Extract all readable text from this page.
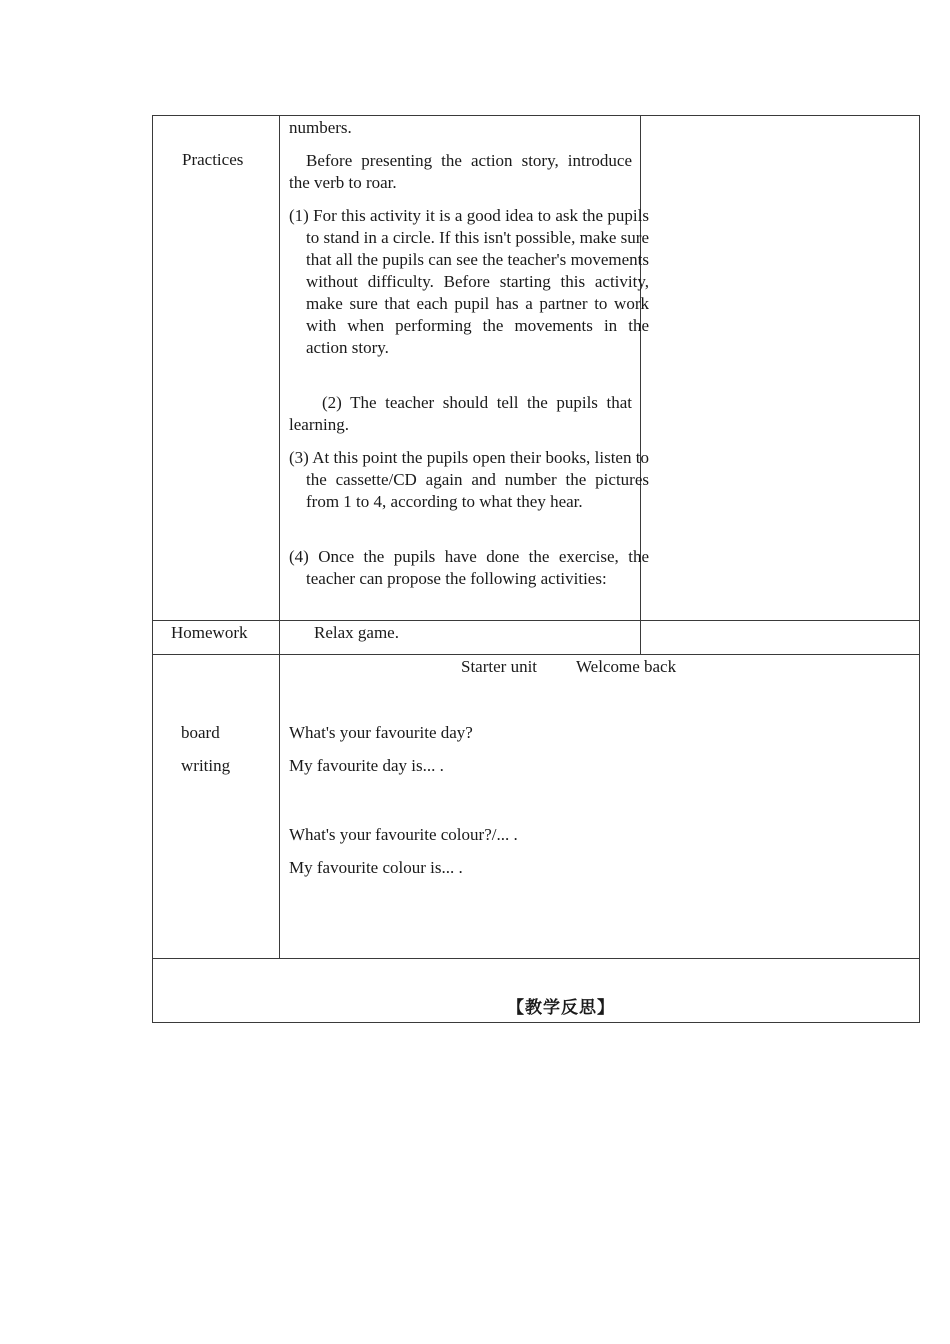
Practices
numbers.
Before presenting the action story, introduce the verb to roar.
(1) For this activity it is a good idea to ask the pupils to stand in a circle. If this isn't possible, make sure that all the pupils can see the teacher's movements without difficulty. Before starting this activity, make sure that each pupil has a partner to work with when performing the movements in the action story.
(2) The teacher should tell the pupils that learning.
(3) At this point the pupils open their books, listen to the cassette/CD again and number the pictures from 1 to 4, according to what they hear.
(4) Once the pupils have done the exercise, the teacher can propose the following activities:
Homework	Relax game.
board
writing
Starter unit Welcome back
What's your favourite day?
My favourite day is... .
What's your favourite colour?/... .
My favourite colour is... .
【教学反思】
